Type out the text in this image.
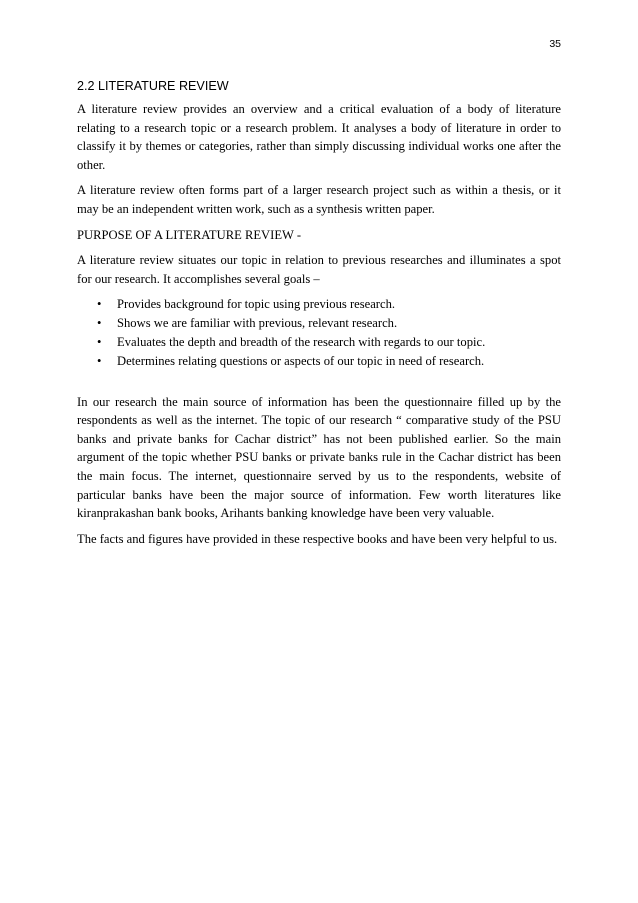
35
2.2 LITERATURE REVIEW

A literature review provides an overview and a critical evaluation of a body of literature relating to a research topic or a research problem. It analyses a body of literature in order to classify it by themes or categories, rather than simply discussing individual works one after the other.

A literature review often forms part of a larger research project such as within a thesis, or it may be an independent written work, such as a synthesis written paper.

PURPOSE OF A LITERATURE REVIEW -

A literature review situates our topic in relation to previous researches and illuminates a spot for our research. It accomplishes several goals –

• Provides background for topic using previous research.
• Shows we are familiar with previous, relevant research.
• Evaluates the depth and breadth of the research with regards to our topic.
• Determines relating questions or aspects of our topic in need of research.

In our research the main source of information has been the questionnaire filled up by the respondents as well as the internet. The topic of our research “ comparative study of the PSU banks and private banks for Cachar district” has not been published earlier. So the main argument of the topic whether PSU banks or private banks rule in the Cachar district has been the main focus. The internet, questionnaire served by us to the respondents, website of particular banks have been the major source of information. Few worth literatures like kiranprakashan bank books, Arihants banking knowledge have been very valuable.

The facts and figures have provided in these respective books and have been very helpful to us.
